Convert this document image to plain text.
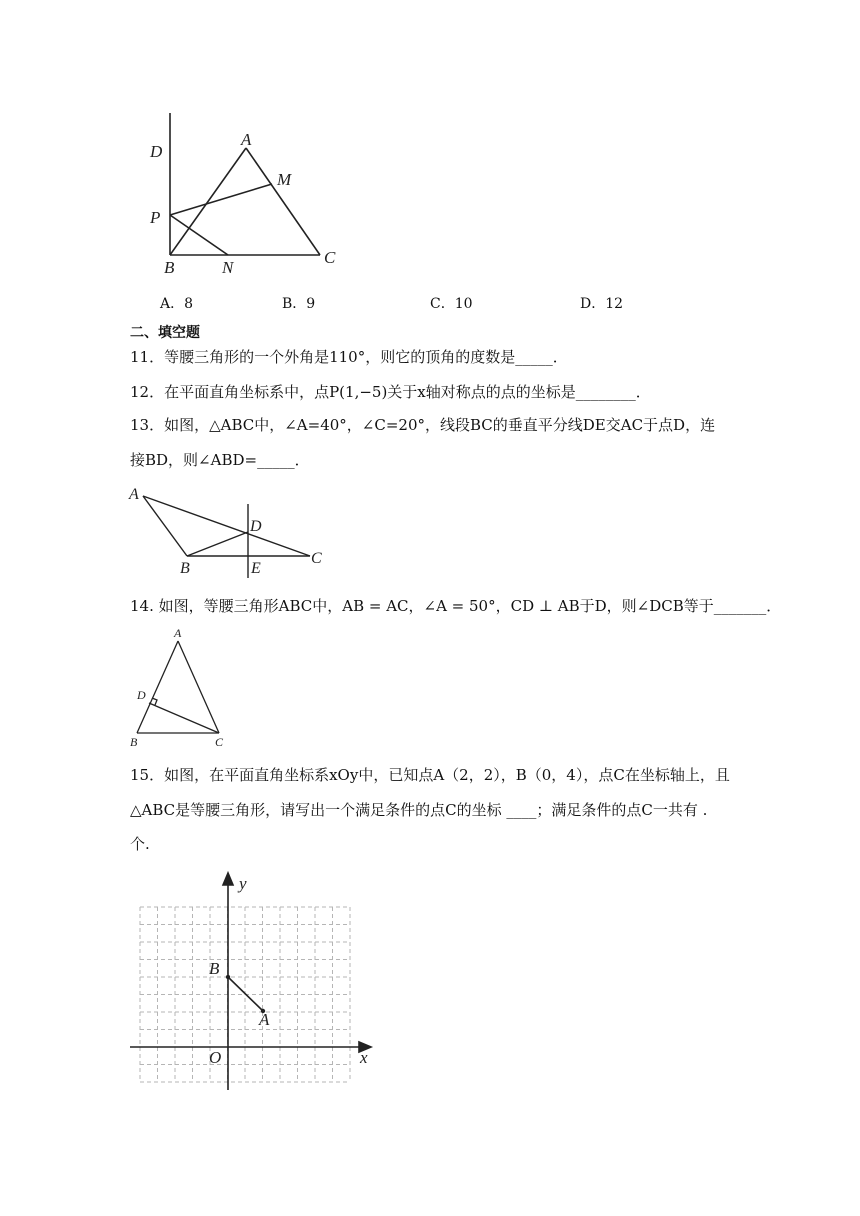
D
A
M
P
B	N
C
A．8	B．9	C．10	D．12
二、填空题
11．等腰三角形的一个外角是110°，则它的顶角的度数是_____．
12．在平面直角坐标系中，点P(1,−5)关于x轴对称点的点的坐标是________．
13．如图，△ABC中，∠A=40°，∠C=20°，线段BC的垂直平分线DE交AC于点D，连
接BD，则∠ABD=_____．
A
D
B	E
C
14. 如图，等腰三角形ABC中，AB = AC，∠A = 50°，CD ⊥ AB于D，则∠DCB等于_______．
A
D
B	C
15．如图，在平面直角坐标系xOy中，已知点A（2，2），B（0，4），点C在坐标轴上，且
△ABC是等腰三角形，请写出一个满足条件的点C的坐标 ____；满足条件的点C一共有 .
个.
y
x
O
A
B
